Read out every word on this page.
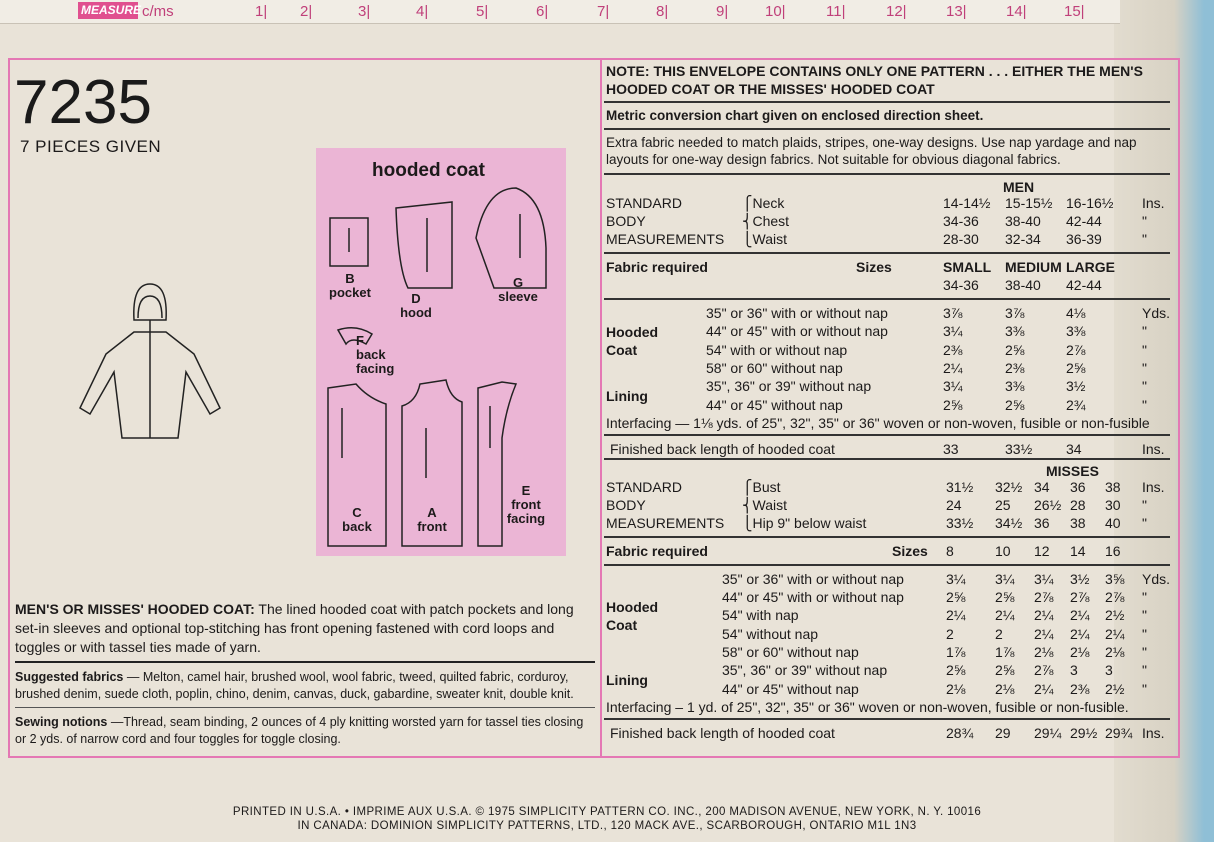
MEASURE c/ms	1| 2|	3|	4|	5|	6|	7|	8|	9| 10|	11|	12|	13|	14| 15|
7235
7 PIECES GIVEN
hooded coat
B
pocket	D
hood
G
sleeve
F
back facing
C
back
A
front
E
front facing

MEN'S OR MISSES' HOODED COAT: The lined hooded coat with patch pockets and long set-in sleeves and optional top-stitching has front opening fastened with cord loops and toggles or with tassel ties made of yarn.

Suggested fabrics — Melton, camel hair, brushed wool, wool fabric, tweed, quilted fabric, corduroy, brushed denim, suede cloth, poplin, chino, denim, canvas, duck, gabardine, sweater knit, double knit.

Sewing notions —Thread, seam binding, 2 ounces of 4 ply knitting worsted yarn for tassel ties closing or 2 yds. of narrow cord and four toggles for toggle closing.

NOTE: THIS ENVELOPE CONTAINS ONLY ONE PATTERN . . . EITHER THE MEN'S HOODED COAT OR THE MISSES' HOODED COAT
Metric conversion chart given on enclosed direction sheet.
Extra fabric needed to match plaids, stripes, one-way designs. Use nap yardage and nap layouts for one-way design fabrics. Not suitable for obvious diagonal fabrics.
MEN
STANDARD	⎧Neck	14-14½ 15-15½ 16-16½ Ins.
BODY	⎨Chest	34-36 38-40 42-44	"
MEASUREMENTS ⎩Waist	28-30 32-34 36-39	"
Fabric required	Sizes	SMALL MEDIUM LARGE
34-36 38-40 42-44
35" or 36" with or without nap	3⅞	3⅞	4⅛	Yds.
44" or 45" with or without nap	3¼	3⅜	3⅜	"
54" with or without nap	2⅜	2⅝	2⅞	"
58" or 60" without nap	2¼	2⅜	2⅝	"
Hooded Coat
35", 36" or 39" without nap	3¼	3⅜	3½	"
44" or 45" without nap	2⅝	2⅝	2¾	"
Lining
Interfacing — 1⅛ yds. of 25", 32", 35" or 36" woven or non-woven, fusible or non-fusible
Finished back length of hooded coat	33	33½ 34	Ins.
MISSES
STANDARD	⎧Bust	31½ 32½ 34 36 38 Ins.
BODY	⎨Waist	24 25 26½ 28 30 "
MEASUREMENTS ⎩Hip 9" below waist	33½ 34½ 36 38 40 "
Fabric required	Sizes 8	10 12 14 16
35" or 36" with or without nap	3¼ 3¼ 3¼ 3½ 3⅝ Yds.
44" or 45" with or without nap	2⅝ 2⅝ 2⅞ 2⅞ 2⅞ "
54" with nap	2¼ 2¼ 2¼ 2¼ 2½ "
54" without nap	2	2 2¼ 2¼ 2¼ "
58" or 60" without nap	1⅞ 1⅞ 2⅛ 2⅛ 2⅛ "
Hooded Coat
35", 36" or 39" without nap	2⅝ 2⅝ 2⅞ 3 3 "
44" or 45" without nap	2⅛ 2⅛ 2¼ 2⅜ 2½ "
Lining
Interfacing – 1 yd. of 25", 32", 35" or 36" woven or non-woven, fusible or non-fusible.
Finished back length of hooded coat	28¾ 29 29¼ 29½ 29¾ Ins.
PRINTED IN U.S.A. • IMPRIME AUX U.S.A. © 1975 SIMPLICITY PATTERN CO. INC., 200 MADISON AVENUE, NEW YORK, N. Y. 10016
IN CANADA: DOMINION SIMPLICITY PATTERNS, LTD., 120 MACK AVE., SCARBOROUGH, ONTARIO M1L 1N3
